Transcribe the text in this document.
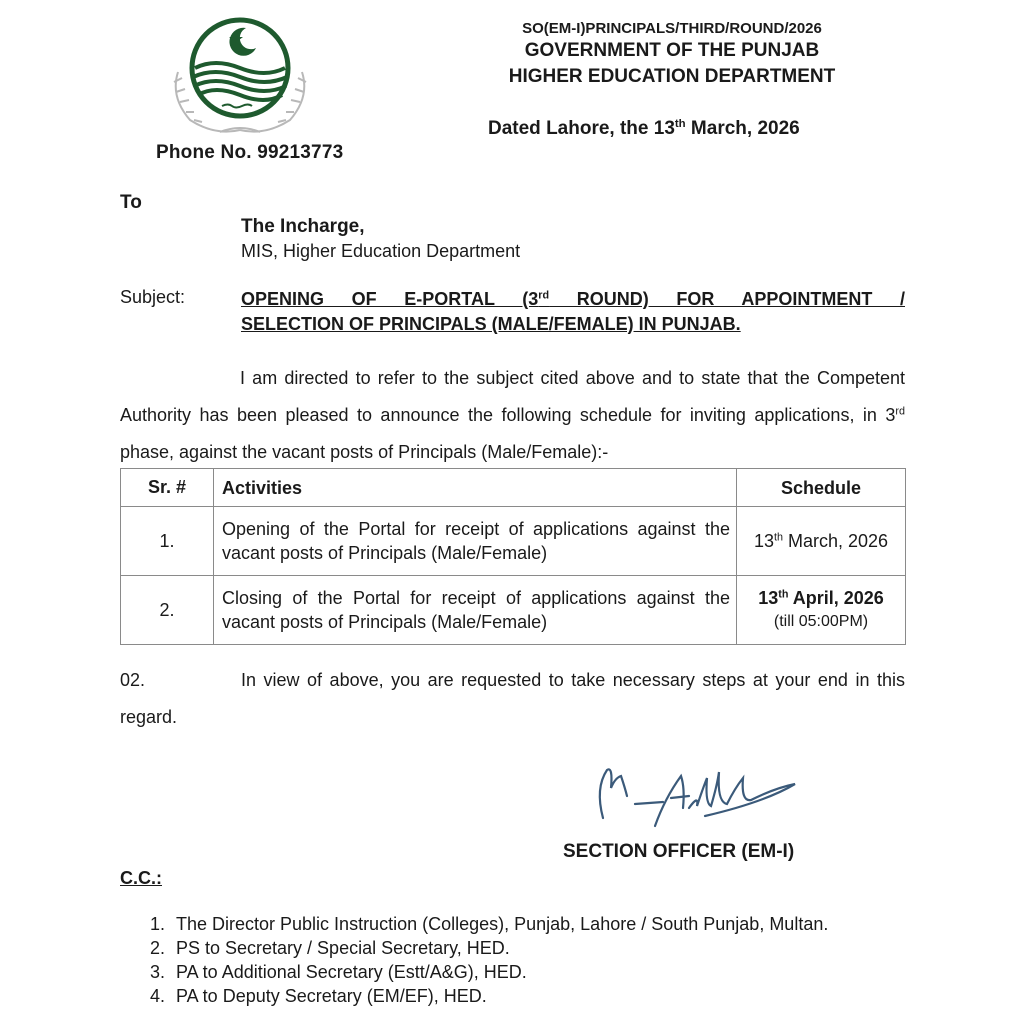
Phone No. 99213773
SO(EM-I)PRINCIPALS/THIRD/ROUND/2026
GOVERNMENT OF THE PUNJAB
HIGHER EDUCATION DEPARTMENT
Dated Lahore, the 13th March, 2026
To
The Incharge,
MIS, Higher Education Department
Subject:	OPENING OF E-PORTAL (3rd ROUND) FOR APPOINTMENT /
SELECTION OF PRINCIPALS (MALE/FEMALE) IN PUNJAB.
I am directed to refer to the subject cited above and to state that the Competent Authority has been pleased to announce the following schedule for inviting applications, in 3rd phase, against the vacant posts of Principals (Male/Female):-
Sr. #	Activities	Schedule
1.	Opening of the Portal for receipt of applications against the vacant posts of Principals (Male/Female)	13th March, 2026
2.	Closing of the Portal for receipt of applications against the vacant posts of Principals (Male/Female)	13th April, 2026
(till 05:00PM)
02.	In view of above, you are requested to take necessary steps at your end in this regard.
SECTION OFFICER (EM-I)
C.C.:
1. The Director Public Instruction (Colleges), Punjab, Lahore / South Punjab, Multan.
2. PS to Secretary / Special Secretary, HED.
3. PA to Additional Secretary (Estt/A&G), HED.
4. PA to Deputy Secretary (EM/EF), HED.
